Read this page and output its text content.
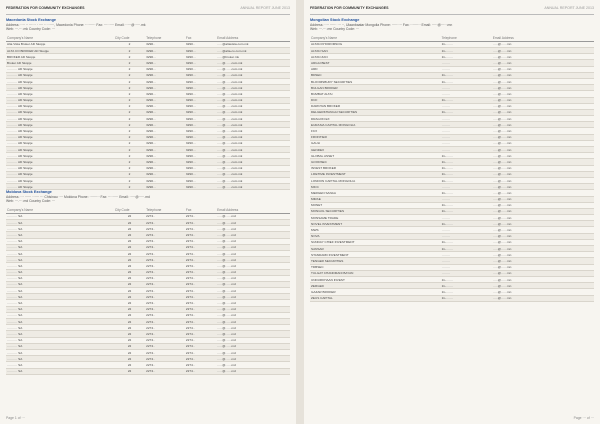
FEDERATION FOR COMMUNITY EXCHANGES	ANNUAL REPORT JUNE 2013
Mаcedonia Stock Exchange
Address: ···· ·· ······ · ···· ·· ······, Macedonia Phone: ········· Fax: ········· Email: ·····@·····.mk
Web: ···.···.mk Country Code: ···
Company's Name	City Code	Telephone	Fax	Email Address
Alta Vista Broker AD Skopje	2	3290··	3290··	·····@altavista.com.mk
ALTA CO BROKER AD Skopje	2	3290···	3290···	·····@alta-co.com.mk
BROKER AD Skopje	2	3290···	3290···	·····@broker.mk
Broker AD Skopje	2	3290···	3290···	·····@·····.com.mk
·········· AD Skopje	2	3290···	3290···	·····@·····.com.mk
·········· AD Skopje	2	3290···	3290···	·····@·····.com.mk
·········· AD Skopje	2	3290···	3290···	·····@·····.com.mk
·········· AD Skopje	2	3290···	3290···	·····@·····.com.mk
·········· AD Skopje	2	3290···	3290···	·····@·····.com.mk
·········· AD Skopje	2	3290···	3290···	·····@·····.com.mk
·········· AD Skopje	2	3290···	3290···	·····@·····.com.mk
·········· AD Skopje	2	3290···	3290···	·····@·····.com.mk
·········· AD Skopje	2	3290···	3290···	·····@·····.com.mk
·········· AD Skopje	2	3290···	3290···	·····@·····.com.mk
·········· AD Skopje	2	3290···	3290···	·····@·····.com.mk
·········· AD Skopje	2	3290···	3290···	·····@·····.com.mk
·········· AD Skopje	2	3290···	3290···	·····@·····.com.mk
·········· AD Skopje	2	3290···	3290···	·····@·····.com.mk
·········· AD Skopje	2	3290···	3290···	·····@·····.com.mk
·········· AD Skopje	2	3290···	3290···	·····@·····.com.mk
·········· AD Skopje	2	3290···	3290···	·····@·····.com.mk
·········· AD Skopje	2	3290···	3290···	·····@·····.com.mk
·········· AD Skopje	2	3290···	3290···	·····@·····.com.mk
·········· AD Skopje	2	3290···	3290···	·····@·····.com.mk
Moldova Stock Exchange
Address: ··· ······ ······ ··· Chisinau ···· Moldova Phone: ········· Fax: ········· Email: ·····@·····.md
Web: ···.···.md Country Code: ···
Company's Name	City Code	Telephone	Fax	Email Address
·········· SA	22	2274··	2274··	·····@·····.md
·········· SA	22	2274··	2274··	·····@·····.md
·········· SA	22	2274··	2274··	·····@·····.md
·········· SA	22	2274··	2274··	·····@·····.md
·········· SA	22	2274··	2274··	·····@·····.md
·········· SA	22	2274··	2274··	·····@·····.md
·········· SA	22	2274··	2274··	·····@·····.md
·········· SA	22	2274··	2274··	·····@·····.md
·········· SA	22	2274··	2274··	·····@·····.md
·········· SA	22	2274··	2274··	·····@·····.md
·········· SA	22	2274··	2274··	·····@·····.md
·········· SA	22	2274··	2274··	·····@·····.md
·········· SA	22	2274··	2274··	·····@·····.md
·········· SA	22	2274··	2274··	·····@·····.md
·········· SA	22	2274··	2274··	·····@·····.md
·········· SA	22	2274··	2274··	·····@·····.md
·········· SA	22	2274··	2274··	·····@·····.md
·········· SA	22	2274··	2274··	·····@·····.md
·········· SA	22	2274··	2274··	·····@·····.md
·········· SA	22	2274··	2274··	·····@·····.md
·········· SA	22	2274··	2274··	·····@·····.md
·········· SA	22	2274··	2274··	·····@·····.md
·········· SA	22	2274··	2274··	·····@·····.md
·········· SA	22	2274··	2274··	·····@·····.md
·········· SA	22	2274··	2274··	·····@·····.md
·········· SA	22	2274··	2274··	·····@·····.md
Page 1 of ···
FEDERATION FOR COMMUNITY EXCHANGES	ANNUAL REPORT JUNE 2013
Mongolian Stock Exchange
Address: ···· ······ ··· ··, Ulaanbaatar Mongolia Phone: ········· Fax: ········· Email: ·····@·····.mn
Web: ···.···.mn Country Code: ···
Company's Name	Telephone	Email Address
ALTAN KHOROMSOG	11-·······	·····@·····.mn
ALTAN SAN	11-·······	·····@·····.mn
ALTAN ZAN	11-·······	·····@·····.mn
ARGAI BEST	········	·····@·····.mn
ARD	········	·····@·····.mn
BDSEC	11-·······	·····@·····.mn
BLOOMSBURY SECURITIES	11-·······	·····@·····.mn
BULGAN BROKER	········	·····@·····.mn
BUMBAT ALTAI	········	·····@·····.mn
DCF	11-·······	·····@·····.mn
DARKHAN BROKER	········	·····@·····.mn
DELGERKHANGAI SECURITIES	11-·······	·····@·····.mn
DRAGON EX	········	·····@·····.mn
EURASIA CAPITAL MONGOLIA	········	·····@·····.mn
FCX	········	·····@·····.mn
FRONTIER	········	·····@·····.mn
GAULI	········	·····@·····.mn
GENDEX	········	·····@·····.mn
GLOBAL ASSET	11-·······	·····@·····.mn
GOODSEC	11-·······	·····@·····.mn
INVEST BROKER	11-·······	·····@·····.mn
LIFETIME INVESTMENT	11-·······	·····@·····.mn
LONDON CAPITAL MONGOLIA	11-·······	·····@·····.mn
MICC	········	·····@·····.mn
MERGEN SANAA	11-·······	·····@·····.mn
MIRAE	········	·····@·····.mn
MONET	11-·······	·····@·····.mn
MONGOL SECURITIES	11-·······	·····@·····.mn
MONSAME TRADE	········	·····@·····.mn
NOVEL INVESTMENT	11-·······	·····@·····.mn
MWS	········	·····@·····.mn
NOVA	········	·····@·····.mn
SUNDAY CHIEF INVESTMENT	11-·······	·····@·····.mn
SANSAR	11-·······	·····@·····.mn
STANDARD INVESTMENT	········	·····@·····.mn
TENGER SECURITIES	········	·····@·····.mn
TDBSEC	········	·····@·····.mn
TULGAT CHANDMANI BAYAN	········	·····@·····.mn
UNDURKHAAN INVEST	11-·······	·····@·····.mn
ZERGED	11-·······	·····@·····.mn
GAZAR BROKER	11-·······	·····@·····.mn
ZEUS CAPITAL	11-·······	·····@·····.mn
Page ··· of ···
